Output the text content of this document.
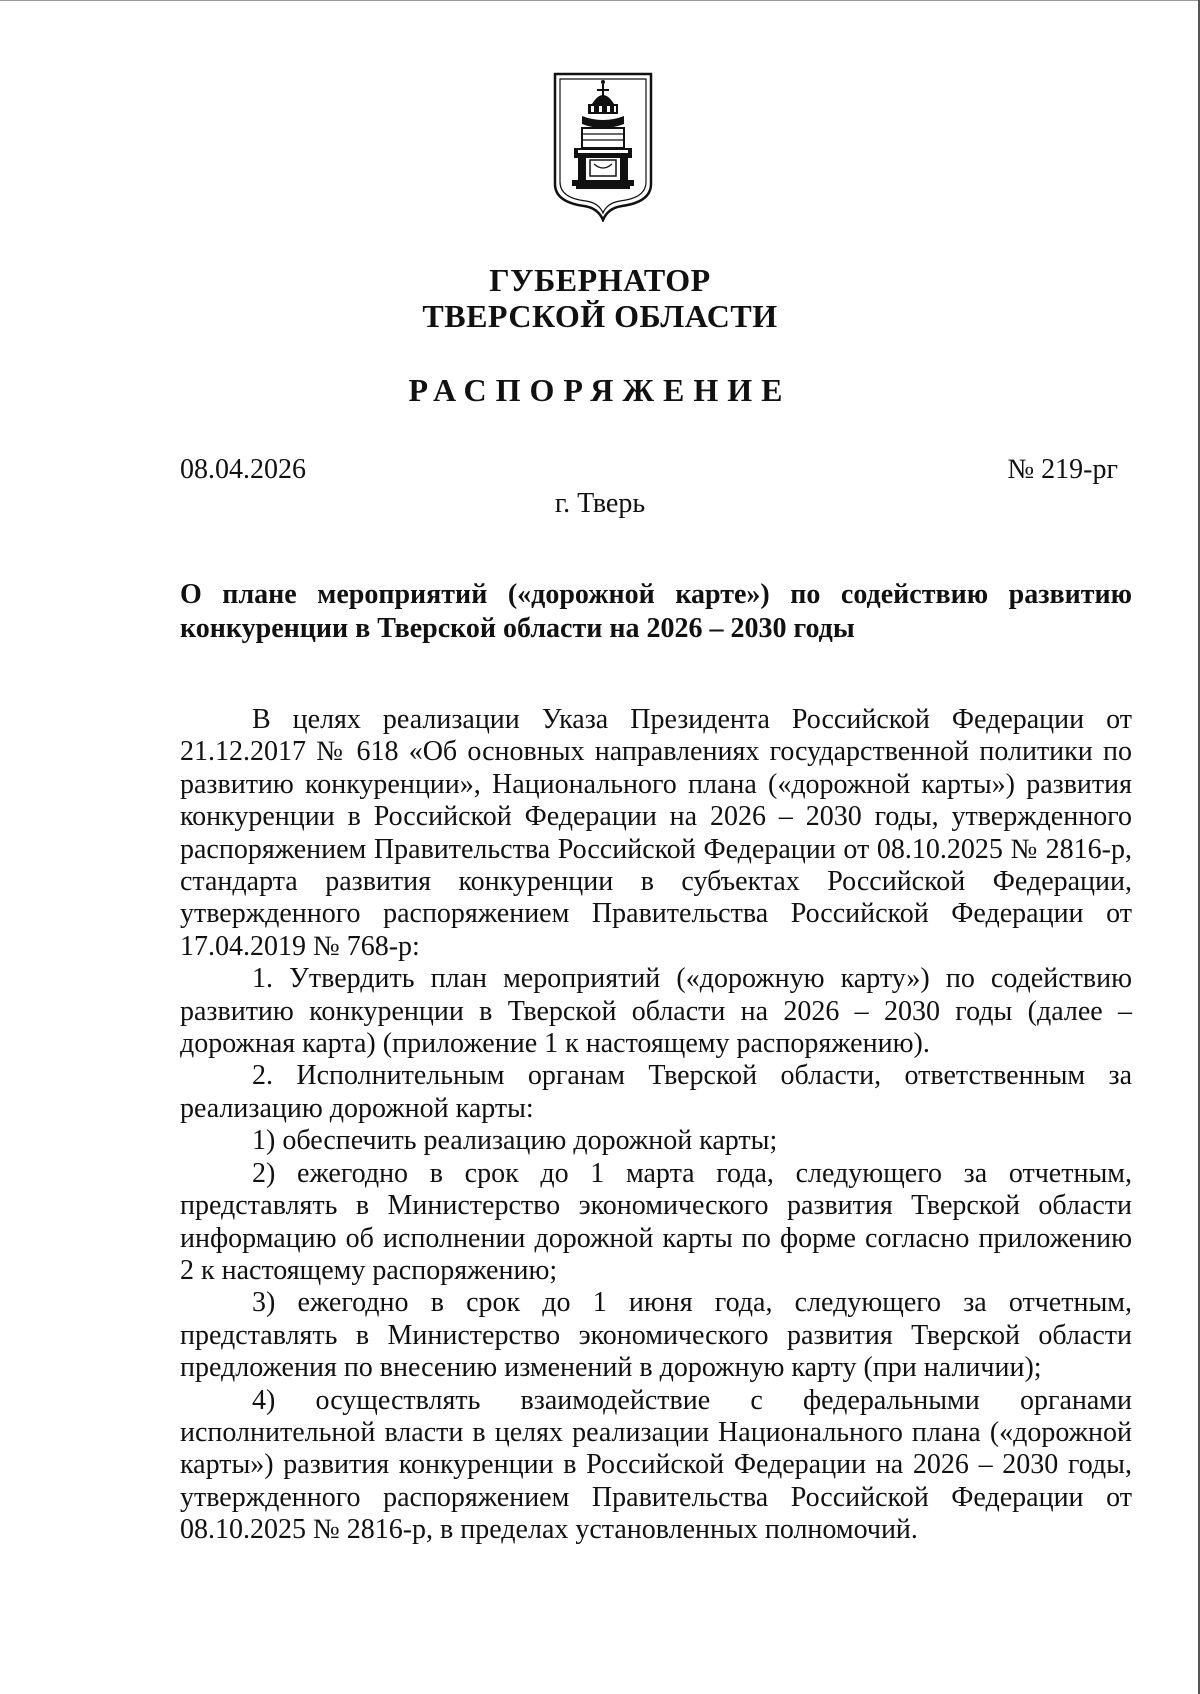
ГУБЕРНАТОР
ТВЕРСКОЙ ОБЛАСТИ
РАСПОРЯЖЕНИЕ
08.04.2026	№ 219-рг
г. Тверь
О плане мероприятий («дорожной карте») по содействию развитию конкуренции в Тверской области на 2026 – 2030 годы

В целях реализации Указа Президента Российской Федерации от 21.12.2017 № 618 «Об основных направлениях государственной политики по развитию конкуренции», Национального плана («дорожной карты») развития конкуренции в Российской Федерации на 2026 – 2030 годы, утвержденного распоряжением Правительства Российской Федерации от 08.10.2025 № 2816-р, стандарта развития конкуренции в субъектах Российской Федерации, утвержденного распоряжением Правительства Российской Федерации от 17.04.2019 № 768-р:

1. Утвердить план мероприятий («дорожную карту») по содействию развитию конкуренции в Тверской области на 2026 – 2030 годы (далее – дорожная карта) (приложение 1 к настоящему распоряжению).

2. Исполнительным органам Тверской области, ответственным за реализацию дорожной карты:

1) обеспечить реализацию дорожной карты;

2) ежегодно в срок до 1 марта года, следующего за отчетным, представлять в Министерство экономического развития Тверской области информацию об исполнении дорожной карты по форме согласно приложению 2 к настоящему распоряжению;

3) ежегодно в срок до 1 июня года, следующего за отчетным, представлять в Министерство экономического развития Тверской области предложения по внесению изменений в дорожную карту (при наличии);

4) осуществлять взаимодействие с федеральными органами исполнительной власти в целях реализации Национального плана («дорожной карты») развития конкуренции в Российской Федерации на 2026 – 2030 годы, утвержденного распоряжением Правительства Российской Федерации от 08.10.2025 № 2816-р, в пределах установленных полномочий.
